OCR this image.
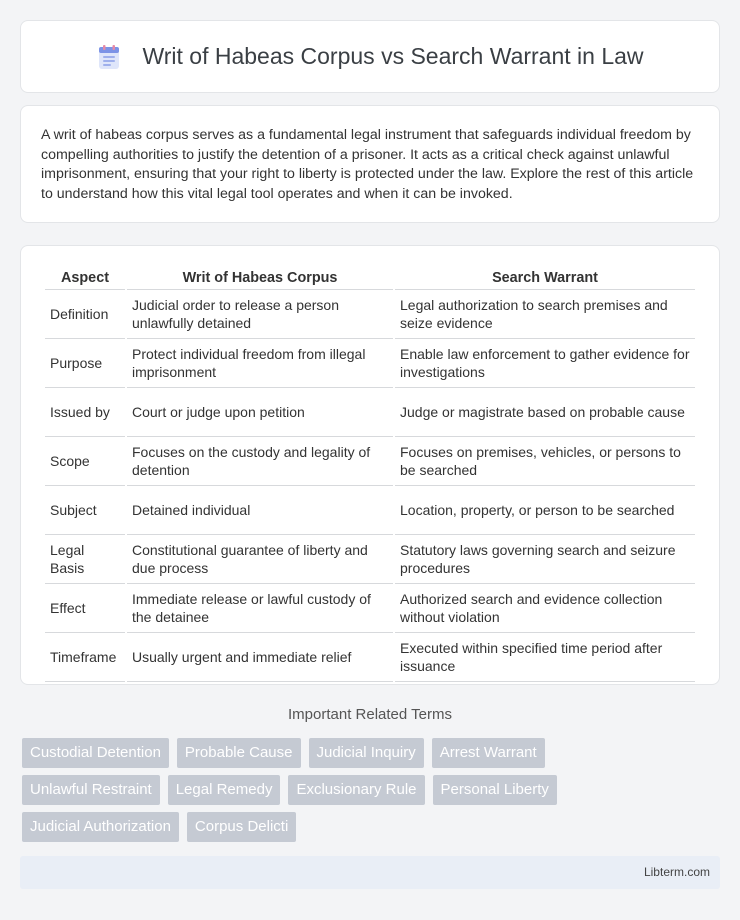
Writ of Habeas Corpus vs Search Warrant in Law

A writ of habeas corpus serves as a fundamental legal instrument that safeguards individual freedom by compelling authorities to justify the detention of a prisoner. It acts as a critical check against unlawful imprisonment, ensuring that your right to liberty is protected under the law. Explore the rest of this article to understand how this vital legal tool operates and when it can be invoked.

Aspect	Writ of Habeas Corpus	Search Warrant
Definition	Judicial order to release a person unlawfully detained	Legal authorization to search premises and seize evidence
Purpose	Protect individual freedom from illegal imprisonment	Enable law enforcement to gather evidence for investigations
Issued by	Court or judge upon petition	Judge or magistrate based on probable cause
Scope	Focuses on the custody and legality of detention	Focuses on premises, vehicles, or persons to be searched
Subject	Detained individual	Location, property, or person to be searched
Legal Basis	Constitutional guarantee of liberty and due process	Statutory laws governing search and seizure procedures
Effect	Immediate release or lawful custody of the detainee	Authorized search and evidence collection without violation
Timeframe	Usually urgent and immediate relief	Executed within specified time period after issuance
Important Related Terms
Custodial Detention	Probable Cause	Judicial Inquiry	Arrest Warrant
Unlawful Restraint	Legal Remedy	Exclusionary Rule	Personal Liberty
Judicial Authorization	Corpus Delicti
Libterm.com
